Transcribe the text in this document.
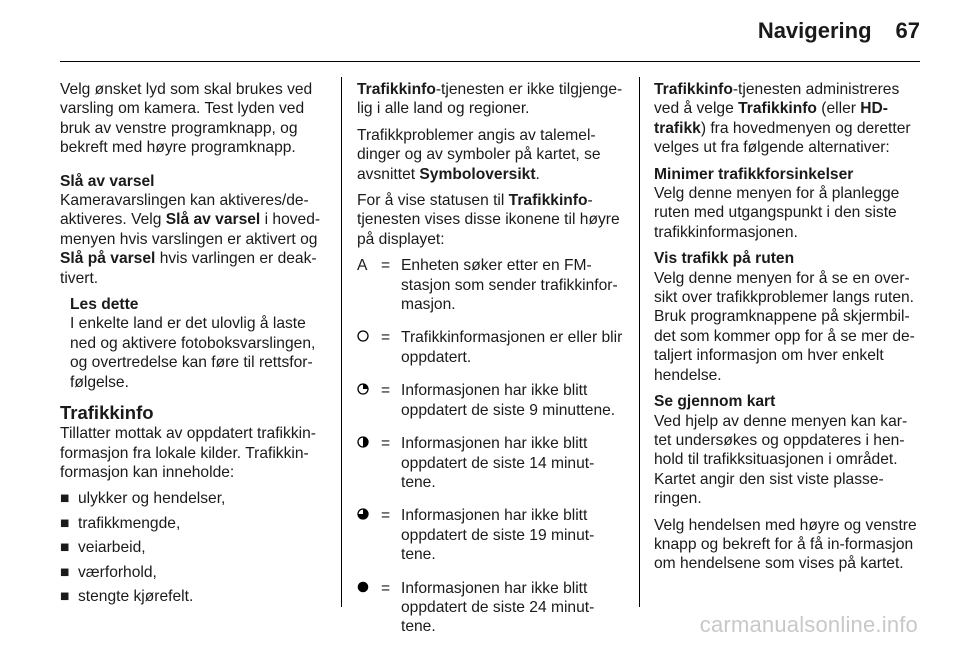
Navigering 67

Velg ønsket lyd som skal brukes ved varsling om kamera. Test lyden ved bruk av venstre programknapp, og bekreft med høyre programknapp.

Slå av varsel

Kameravarslingen kan aktiveres/de-aktiveres. Velg Slå av varsel i hoved-menyen hvis varslingen er aktivert og Slå på varsel hvis varlingen er deak-tivert.

Les dette

I enkelte land er det ulovlig å laste ned og aktivere fotoboksvarslingen, og overtredelse kan føre til rettsfor-følgelse.

Trafikkinfo

Tillatter mottak av oppdatert trafikkin-formasjon fra lokale kilder. Trafikkin-formasjon kan inneholde:

■ ulykker og hendelser,
■ trafikkmengde,
■ veiarbeid,
■ værforhold,
■ stengte kjørefelt.

Trafikkinfo-tjenesten er ikke tilgjenge-lig i alle land og regioner.

Trafikkproblemer angis av talemel-dinger og av symboler på kartet, se avsnittet Symboloversikt.

For å vise statusen til Trafikkinfo-tjenesten vises disse ikonene til høyre på displayet:

A = Enheten søker etter en FM-stasjon som sender trafikkinfor-masjon.
= Trafikkinformasjonen er eller blir oppdatert.
= Informasjonen har ikke blitt oppdatert de siste 9 minuttene.
= Informasjonen har ikke blitt oppdatert de siste 14 minut-tene.
= Informasjonen har ikke blitt oppdatert de siste 19 minut-tene.
= Informasjonen har ikke blitt oppdatert de siste 24 minut-tene.

Trafikkinfo-tjenesten administreres ved å velge Trafikkinfo (eller HD-trafikk) fra hovedmenyen og deretter velges ut fra følgende alternativer:

Minimer trafikkforsinkelser

Velg denne menyen for å planlegge ruten med utgangspunkt i den siste trafikkinformasjonen.

Vis trafikk på ruten

Velg denne menyen for å se en over-sikt over trafikkproblemer langs ruten. Bruk programknappene på skjermbil-det som kommer opp for å se mer de-taljert informasjon om hver enkelt hendelse.

Se gjennom kart

Ved hjelp av denne menyen kan kar-tet undersøkes og oppdateres i hen-hold til trafikksituasjonen i området. Kartet angir den sist viste plasse-ringen.

Velg hendelsen med høyre og venstre knapp og bekreft for å få in-formasjon om hendelsene som vises på kartet.

carmanualsonline.info
